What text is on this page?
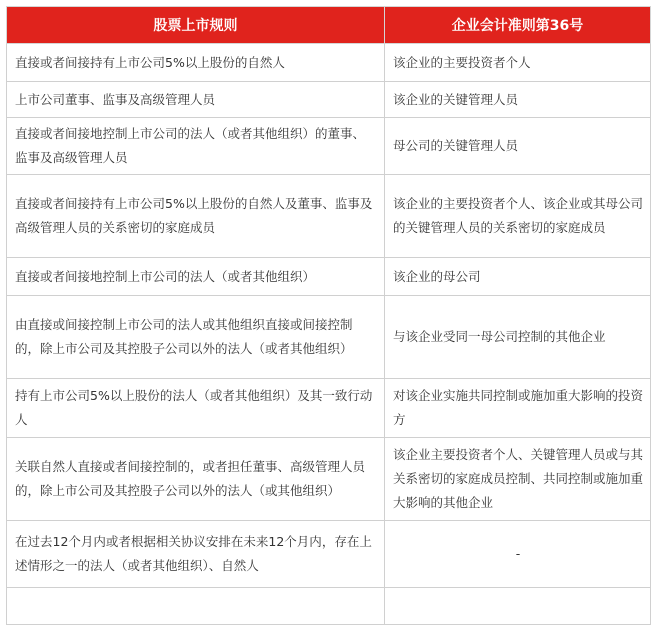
股票上市规则	企业会计准则第36号
直接或者间接持有上市公司5%以上股份的自然人	该企业的主要投资者个人
上市公司董事、监事及高级管理人员	该企业的关键管理人员
直接或者间接地控制上市公司的法人（或者其他组织）的董事、监事及高级管理人员	母公司的关键管理人员
直接或者间接持有上市公司5%以上股份的自然人及董事、监事及高级管理人员的关系密切的家庭成员	该企业的主要投资者个人、该企业或其母公司的关键管理人员的关系密切的家庭成员
直接或者间接地控制上市公司的法人（或者其他组织）	该企业的母公司
由直接或间接控制上市公司的法人或其他组织直接或间接控制的，除上市公司及其控股子公司以外的法人（或者其他组织）	与该企业受同一母公司控制的其他企业
持有上市公司5%以上股份的法人（或者其他组织）及其一致行动人	对该企业实施共同控制或施加重大影响的投资方
关联自然人直接或者间接控制的，或者担任董事、高级管理人员的，除上市公司及其控股子公司以外的法人（或其他组织）	该企业主要投资者个人、关键管理人员或与其关系密切的家庭成员控制、共同控制或施加重大影响的其他企业
在过去12个月内或者根据相关协议安排在未来12个月内，存在上述情形之一的法人（或者其他组织）、自然人	-
